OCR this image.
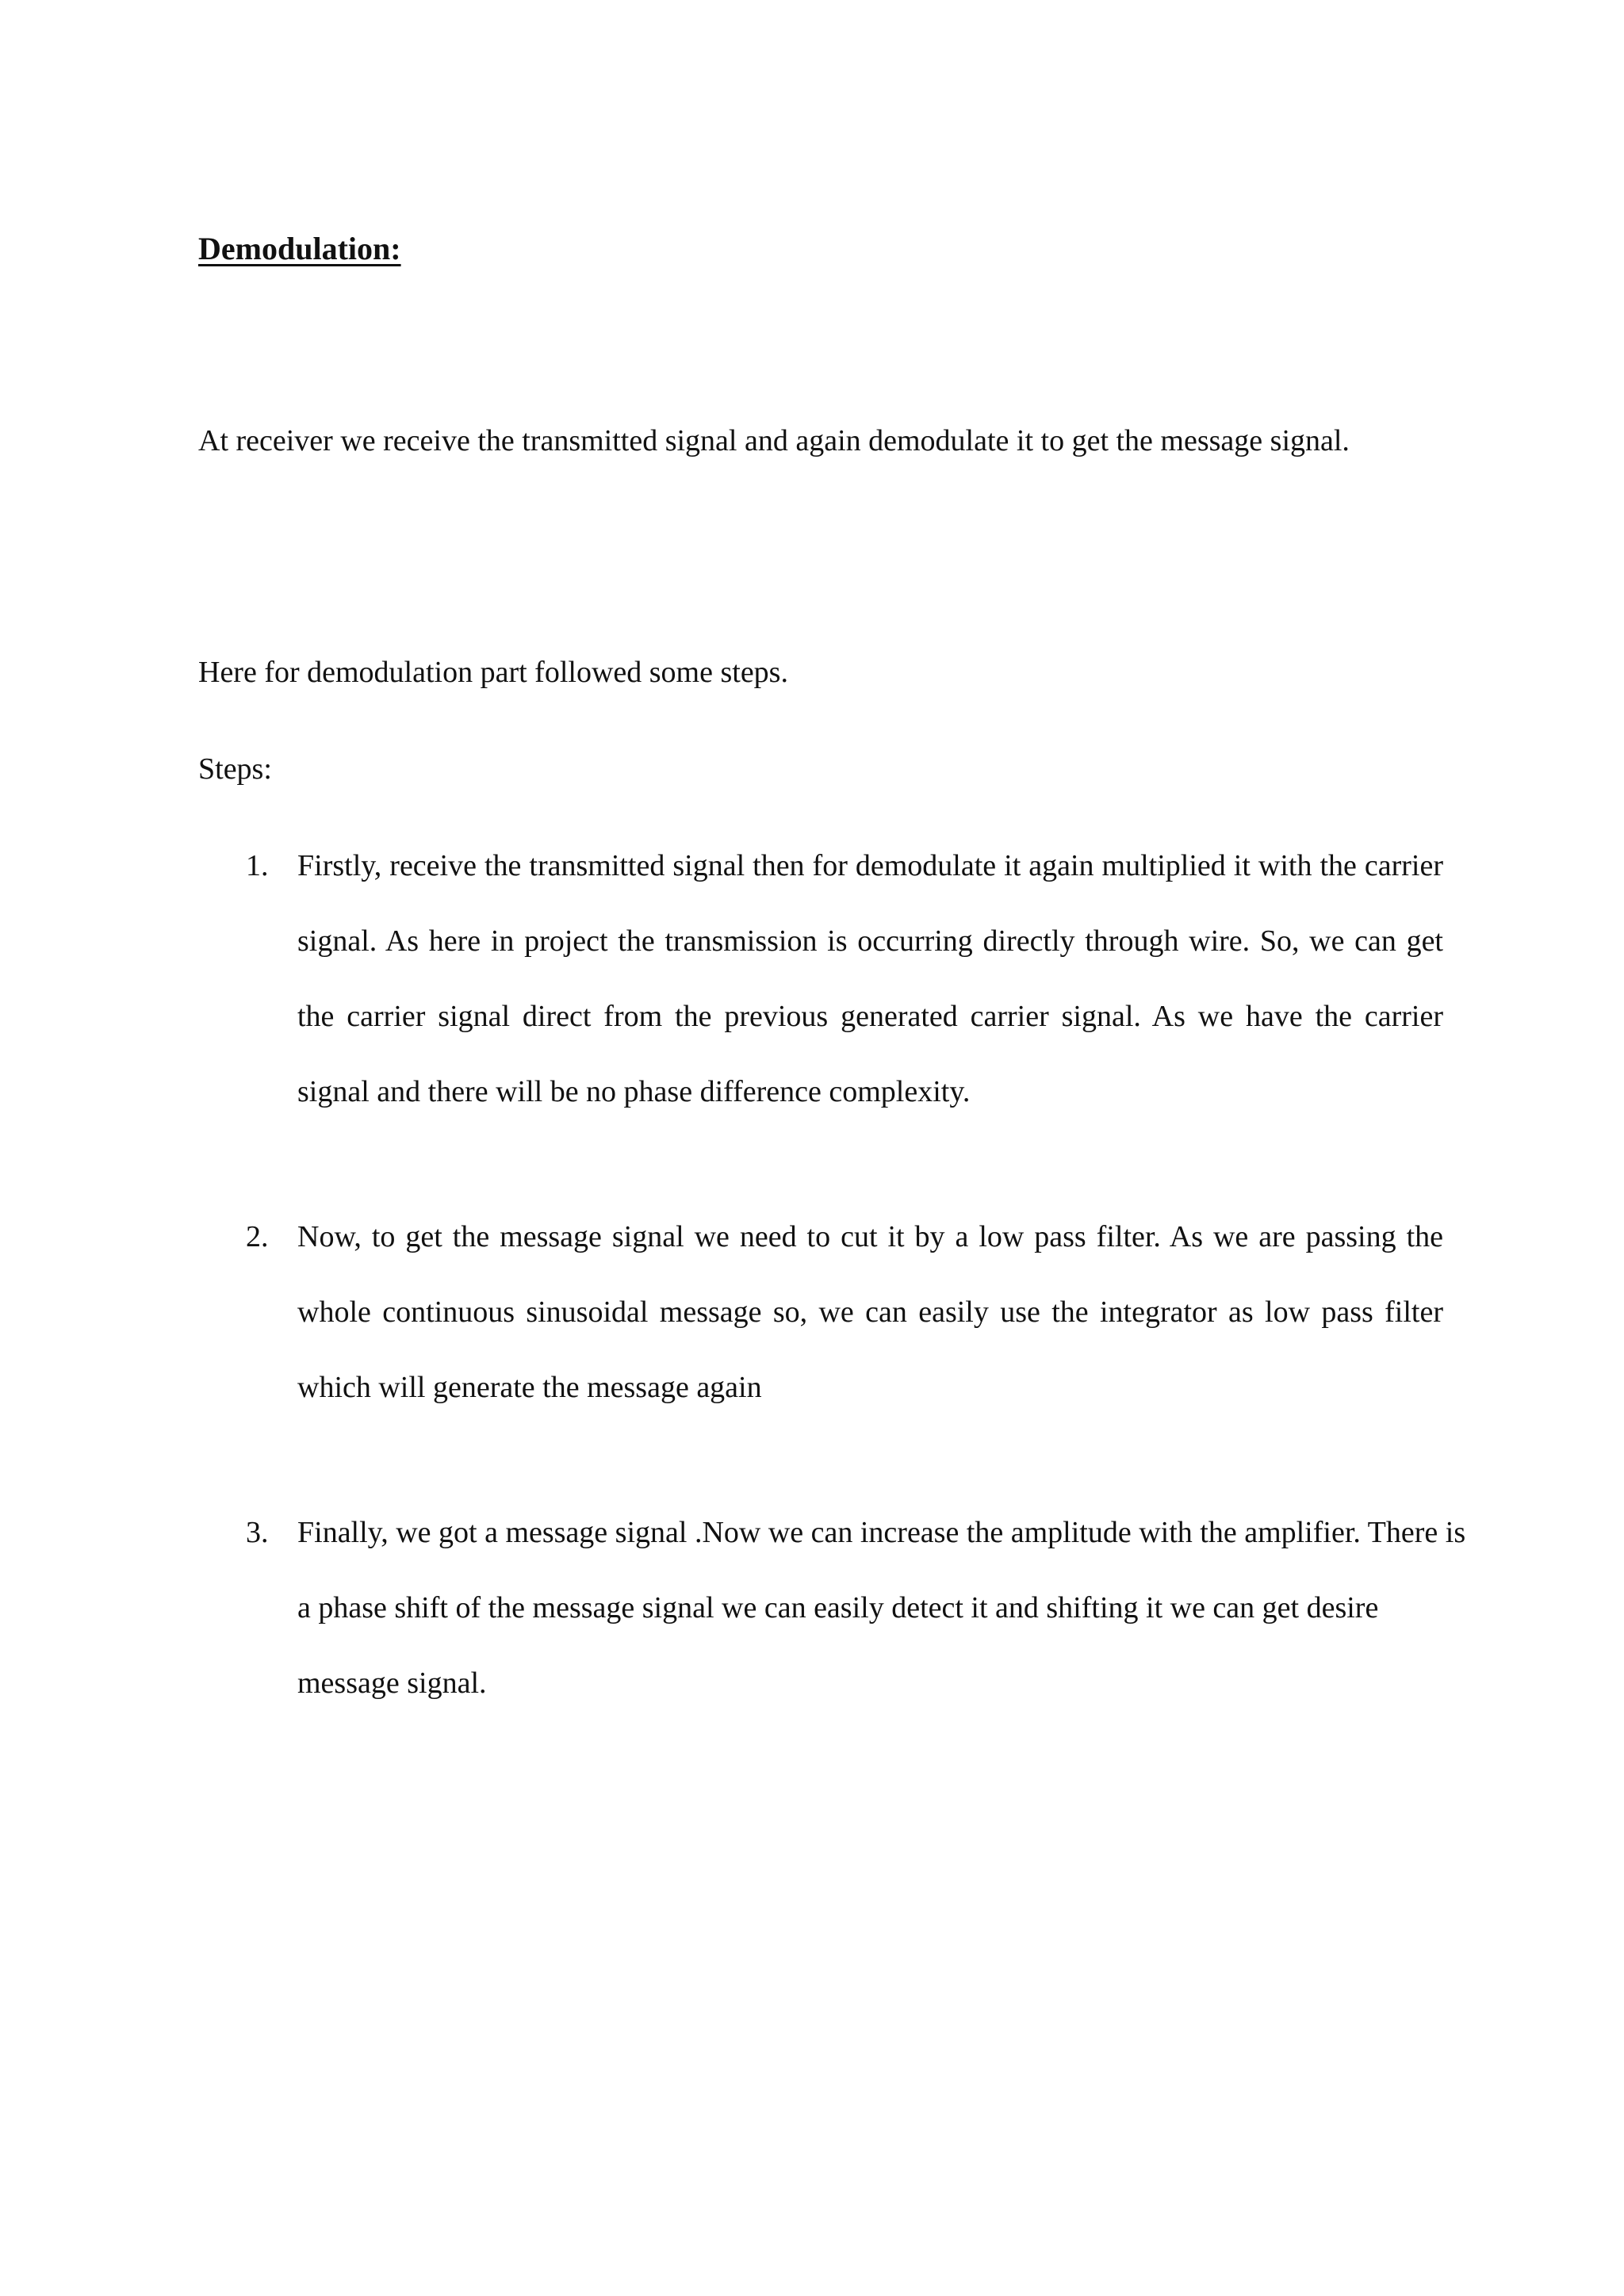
Demodulation:

At receiver we receive the transmitted signal and again demodulate it to get the message signal.

Here for demodulation part followed some steps.

Steps:

1. Firstly, receive the transmitted signal then for demodulate it again multiplied it with the carrier signal. As here in project the transmission is occurring directly through wire. So, we can get the carrier signal direct from the previous generated carrier signal. As we have the carrier signal and there will be no phase difference complexity.
2. Now, to get the message signal we need to cut it by a low pass filter. As we are passing the whole continuous sinusoidal message so, we can easily use the integrator as low pass filter which will generate the message again
3. Finally, we got a message signal .Now we can increase the amplitude with the amplifier. There is a phase shift of the message signal we can easily detect it and shifting it we can get desire message signal.
